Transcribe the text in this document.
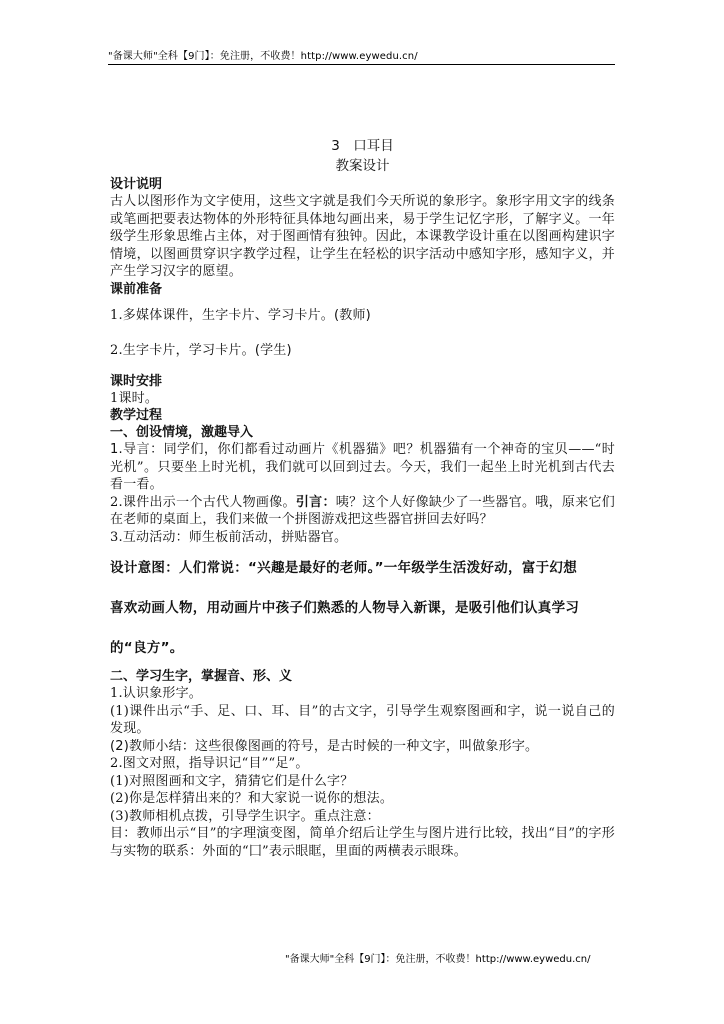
"备课大师"全科【9门】：免注册，不收费！http://www.eywedu.cn/
3　口耳目
教案设计
设计说明

古人以图形作为文字使用，这些文字就是我们今天所说的象形字。象形字用文字的线条或笔画把要表达物体的外形特征具体地勾画出来，易于学生记忆字形，了解字义。一年级学生形象思维占主体，对于图画情有独钟。因此，本课教学设计重在以图画构建识字情境，以图画贯穿识字教学过程，让学生在轻松的识字活动中感知字形，感知字义，并产生学习汉字的愿望。

课前准备

1.多媒体课件，生字卡片、学习卡片。(教师)

2.生字卡片，学习卡片。(学生)

课时安排

1课时。

教学过程
一、创设情境，激趣导入

1.导言：同学们，你们都看过动画片《机器猫》吧？机器猫有一个神奇的宝贝——“时光机”。只要坐上时光机，我们就可以回到过去。今天，我们一起坐上时光机到古代去看一看。

2.课件出示一个古代人物画像。引言：咦？这个人好像缺少了一些器官。哦，原来它们在老师的桌面上，我们来做一个拼图游戏把这些器官拼回去好吗？

3.互动活动：师生板前活动，拼贴器官。

设计意图：人们常说：“兴趣是最好的老师。”一年级学生活泼好动，富于幻想
喜欢动画人物，用动画片中孩子们熟悉的人物导入新课，是吸引他们认真学习
的“良方”。
二、学习生字，掌握音、形、义

1.认识象形字。

(1)课件出示“手、足、口、耳、目”的古文字，引导学生观察图画和字，说一说自己的发现。

(2)教师小结：这些很像图画的符号，是古时候的一种文字，叫做象形字。

2.图文对照，指导识记“目”“足”。

(1)对照图画和文字，猜猜它们是什么字？

(2)你是怎样猜出来的？和大家说一说你的想法。

(3)教师相机点拨，引导学生识字。重点注意：

目：教师出示“目”的字理演变图，简单介绍后让学生与图片进行比较，找出“目”的字形与实物的联系：外面的“囗”表示眼眶，里面的两横表示眼珠。

"备课大师"全科【9门】：免注册，不收费！http://www.eywedu.cn/
